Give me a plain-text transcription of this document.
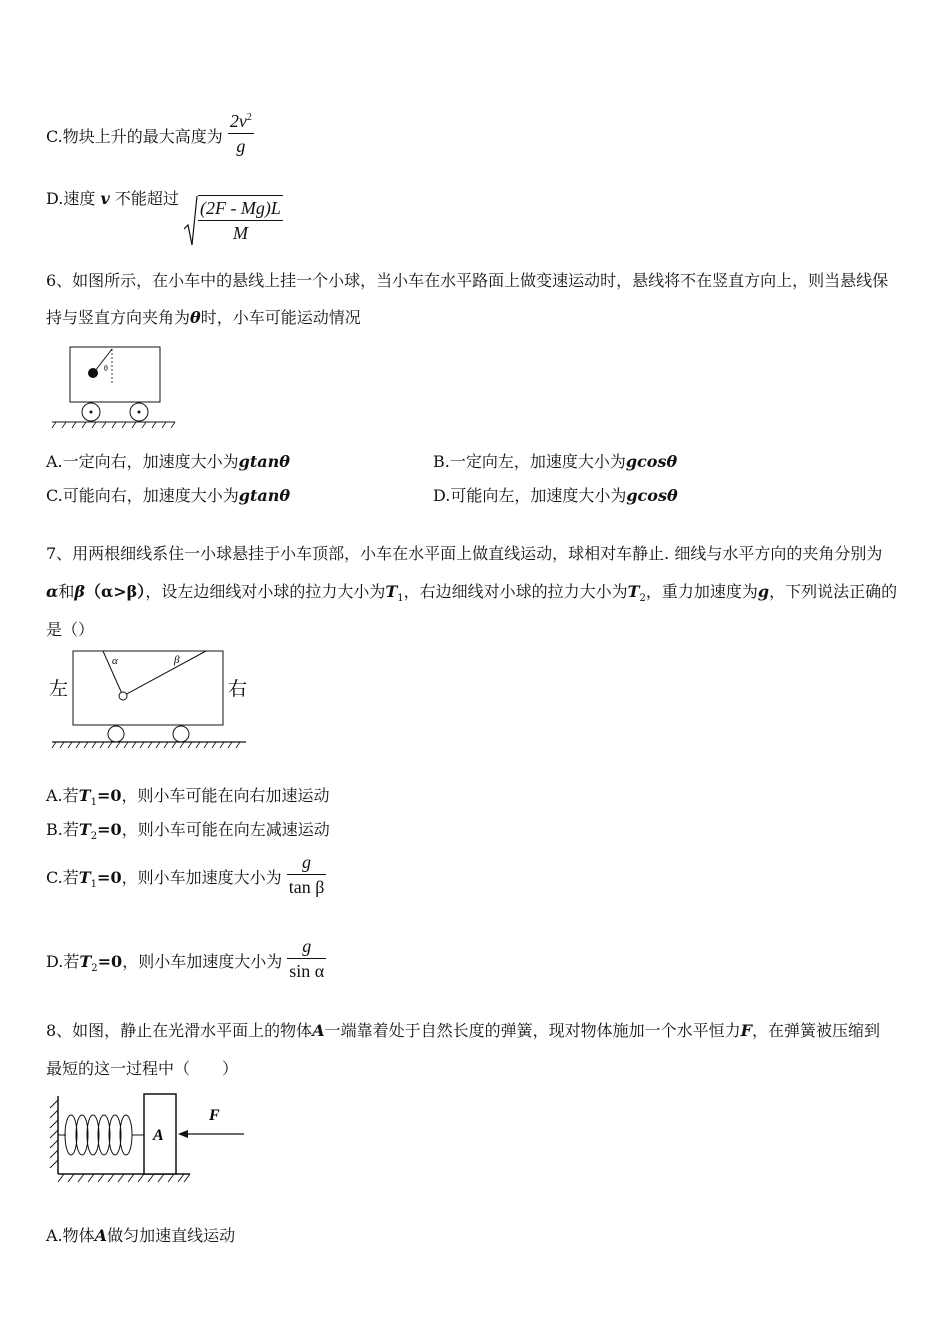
C.物块上升的最大高度为 $\frac{2v^2}{g}$
D.速度 v 不能超过 $\frac{(2F - Mg)L}{M}$
6、如图所示，在小车中的悬线上挂一个小球，当小车在水平路面上做变速运动时，悬线将不在竖直方向上，则当悬线保
持与竖直方向夹角为θ时，小车可能运动情况
θ
A.一定向右，加速度大小为gtanθ	B.一定向左，加速度大小为gcosθ
C.可能向右，加速度大小为gtanθ	D.可能向左，加速度大小为gcosθ
7、用两根细线系住一小球悬挂于小车顶部，小车在水平面上做直线运动，球相对车静止. 细线与水平方向的夹角分别为
α和β（α>β），设左边细线对小球的拉力大小为$T_1$，右边细线对小球的拉力大小为$T_2$，重力加速度为g，下列说法正确的
是（）
左
α	β
右
A.若$T_1=0$，则小车可能在向右加速运动
B.若$T_2=0$，则小车可能在向左减速运动
C.若$T_1=0$，则小车加速度大小为 $\frac{g}{\text{tan β}}$
D.若$T_2=0$，则小车加速度大小为 $\frac{g}{\text{sin α}}$
8、如图，静止在光滑水平面上的物体A一端靠着处于自然长度的弹簧，现对物体施加一个水平恒力F，在弹簧被压缩到
最短的这一过程中（　　）
A
F
A.物体A做匀加速直线运动
